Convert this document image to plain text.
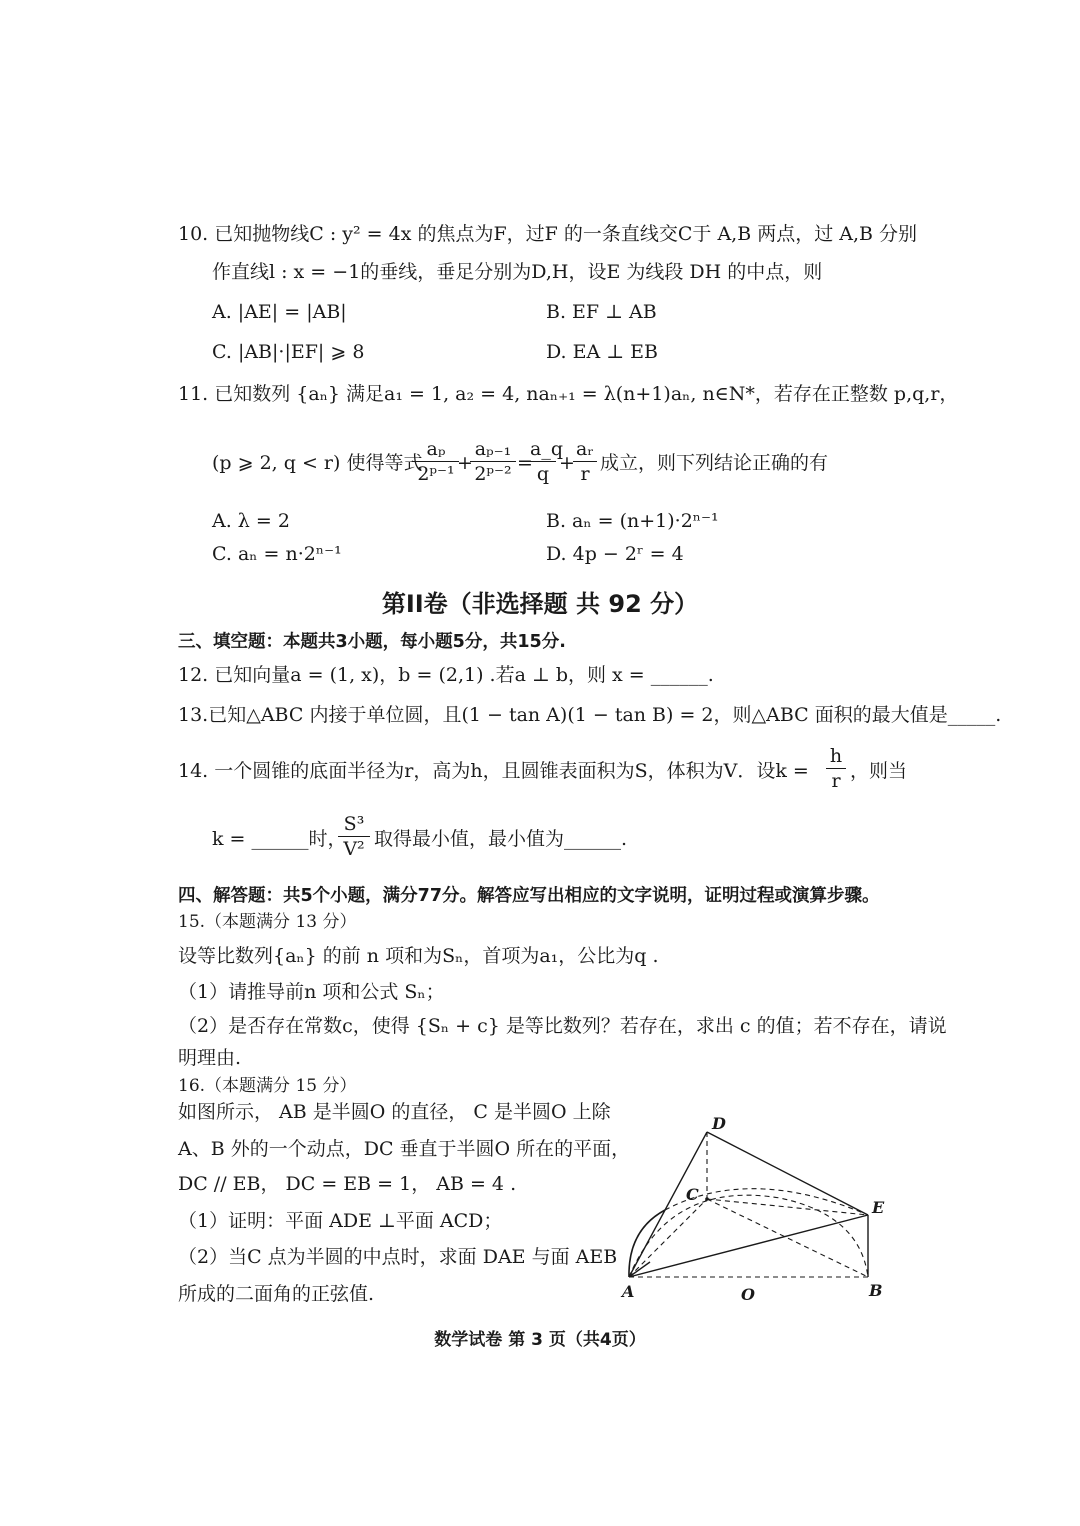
10. 已知抛物线C : y² = 4x 的焦点为F，过F 的一条直线交C于 A,B 两点，过 A,B 分别
作直线l : x = −1的垂线，垂足分别为D,H，设E 为线段 DH 的中点，则
A. |AE| = |AB|	B. EF ⊥ AB
C. |AB|·|EF| ⩾ 8	D. EA ⊥ EB
11. 已知数列 {aₙ} 满足a₁ = 1, a₂ = 4, naₙ₊₁ = λ(n+1)aₙ, n∈N*，若存在正整数 p,q,r，
(p ⩾ 2, q < r) 使得等式
aₚ
2ᵖ⁻¹ +
aₚ₋₁
2ᵖ⁻² =
a_q
q +
aᵣ
r 成立，则下列结论正确的有
A. λ = 2	B. aₙ = (n+1)·2ⁿ⁻¹
C. aₙ = n·2ⁿ⁻¹	D. 4p − 2ʳ = 4
第II卷（非选择题 共 92 分）
三、填空题：本题共3小题，每小题5分，共15分.
12. 已知向量a = (1, x)，b = (2,1) .若a ⊥ b，则 x = ______.
13.已知△ABC 内接于单位圆，且(1 − tan A)(1 − tan B) = 2，则△ABC 面积的最大值是_____.
14. 一个圆锥的底面半径为r，高为h，且圆锥表面积为S，体积为V．设k =
h
r ，则当
k = ______时，
S³
V² 取得最小值，最小值为______.
四、解答题：共5个小题，满分77分。解答应写出相应的文字说明，证明过程或演算步骤。
15.（本题满分 13 分）
设等比数列{aₙ} 的前 n 项和为Sₙ，首项为a₁，公比为q .
（1）请推导前n 项和公式 Sₙ；
（2）是否存在常数c，使得 {Sₙ + c} 是等比数列？若存在，求出 c 的值；若不存在，请说
明理由.
16.（本题满分 15 分）
如图所示， AB 是半圆O 的直径， C 是半圆O 上除
A、B 外的一个动点，DC 垂直于半圆O 所在的平面，
DC // EB， DC = EB = 1， AB = 4 .
（1）证明：平面 ADE ⊥平面 ACD；
（2）当C 点为半圆的中点时，求面 DAE 与面 AEB
所成的二面角的正弦值.
D
C
E
A	O	B
数学试卷 第 3 页（共4页）
